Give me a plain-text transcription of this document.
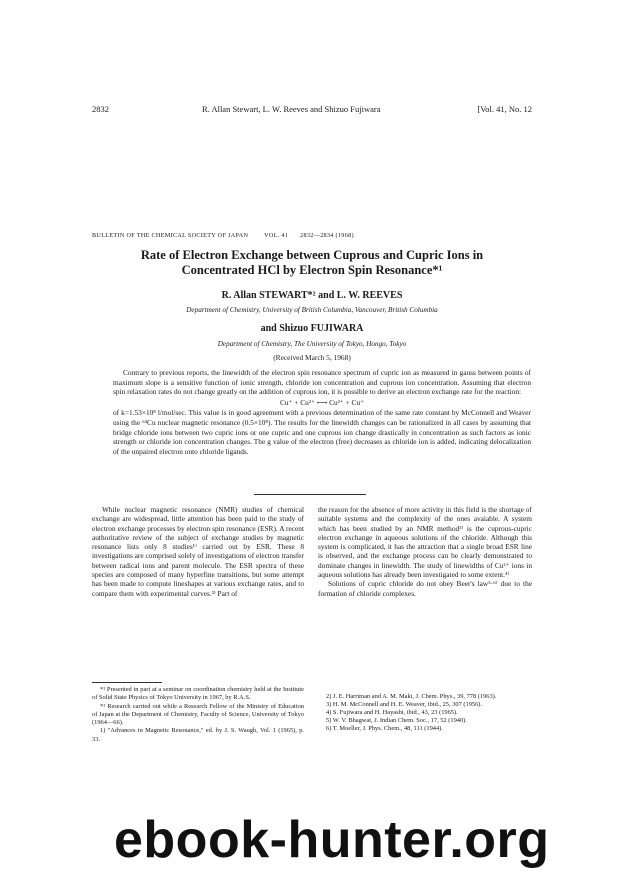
2832	R. Allan Stewart, L. W. Reeves and Shizuo Fujiwara	[Vol. 41, No. 12
BULLETIN OF THE CHEMICAL SOCIETY OF JAPAN	VOL. 41 2832—2834 (1968)
Rate of Electron Exchange between Cuprous and Cupric Ions in
Concentrated HCl by Electron Spin Resonance*¹
R. Allan STEWART*² and L. W. REEVES
Department of Chemistry, University of British Columbia, Vancouver, British Columbia
and Shizuo FUJIWARA
Department of Chemistry, The University of Tokyo, Hongo, Tokyo
(Received March 5, 1968)

Contrary to previous reports, the linewidth of the electron spin resonance spectrum of cupric ion as measured in gauss between points of maximum slope is a sensitive function of ionic strength, chloride ion concentration and cuprous ion concentration. Assuming that electron spin relaxation rates do not change greatly on the addition of cuprous ion, it is possible to derive an electron exchange rate for the reaction:

Cu⁺ + Cu²⁺ ⟷ Cu²⁺ + Cu⁺

of k=1.53×10⁸ l/mol/sec. This value is in good agreement with a previous determination of the same rate constant by McConnell and Weaver using the ⁶³Cu nuclear magnetic resonance (0.5×10⁸). The results for the linewidth changes can be rationalized in all cases by assuming that bridge chloride ions between two cupric ions or one cupric and one cuprous ion change drastically in concentration as such factors as ionic strength or chloride ion concentration changes. The g value of the electron (free) decreases as chloride ion is added, indicating delocalization of the unpaired electron onto chloride ligands.

While nuclear magnetic resonance (NMR) studies of chemical exchange are widespread, little attention has been paid to the study of electron exchange processes by electron spin resonance (ESR). A recent authoritative review of the subject of exchange studies by magnetic resonance lists only 8 studies¹⁾ carried out by ESR. These 8 investigations are comprised solely of investigations of electron transfer between radical ions and parent molecule. The ESR spectra of these species are composed of many hyperfine transitions, but some attempt has been made to compute lineshapes at various exchange rates, and to compare them with experimental curves.²⁾ Part of

the reason for the absence of more activity in this field is the shortage of suitable systems and the complexity of the ones avaiable. A system which has been studied by an NMR method³⁾ is the cuprous-cupric electron exchange in aqueous solutions of the chloride. Although this system is complicated, it has the attraction that a single broad ESR line is observed, and the exchange process can be clearly demonstrated to dominate changes in linewidth. The study of linewidths of Cu²⁺ ions in aqueous solutions has already been investigated to some extent.⁴⁾

Solutions of cupric chloride do not obey Beer's law⁵·⁶⁾ due to the formation of chloride complexes.

*¹ Presented in part at a seminar on coordination chemistry held at the Institute of Solid State Physics of Tokyo University in 1967, by R.A.S.

*² Research carried out while a Research Fellow of the Ministry of Education of Japan at the Department of Chemistry, Faculty of Science, University of Tokyo (1964—66).

1) "Advances in Magnetic Resonance," ed. by J. S. Waugh, Vol. 1 (1965), p. 33.

2) J. E. Harriman and A. M. Maki, J. Chem. Phys., 39, 778 (1963).

3) H. M. McConnell and H. E. Weaver, ibid., 25, 307 (1956).

4) S. Fujiwara and H. Hayashi, ibid., 43, 23 (1965).

5) W. V. Bhagwat, J. Indian Chem. Soc., 17, 52 (1940).

6) T. Moeller, J. Phys. Chem., 48, 111 (1944).

ebook-hunter.org
